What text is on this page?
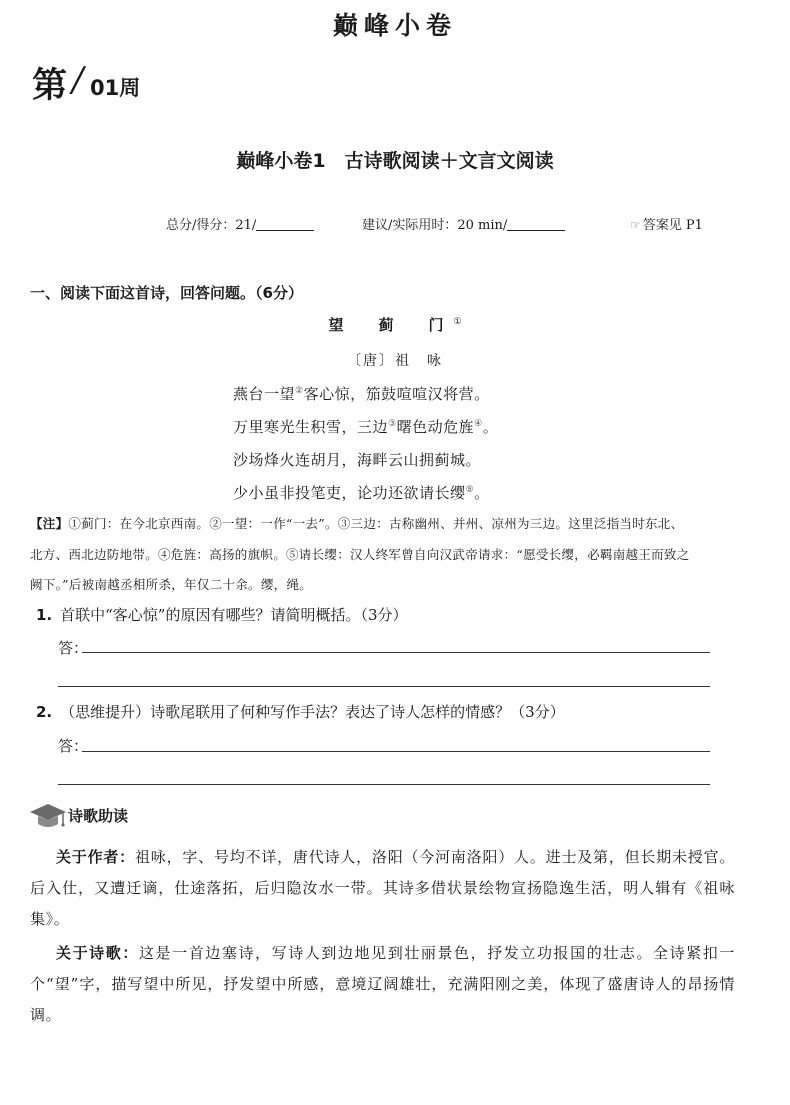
巅峰小卷
第 / 01周
巅峰小卷1　古诗歌阅读＋文言文阅读
总分/得分：21/	建议/实际用时：20 min/	☞ 答案见 P1
一、阅读下面这首诗，回答问题。（6分）
望　蓟　门①
〔唐〕祖　咏
燕台一望②客心惊，笳鼓喧喧汉将营。
万里寒光生积雪，三边③曙色动危旌④。
沙场烽火连胡月，海畔云山拥蓟城。
少小虽非投笔吏，论功还欲请长缨⑤。
【注】①蓟门：在今北京西南。②一望：一作“一去”。③三边：古称幽州、并州、凉州为三边。这里泛指当时东北、
北方、西北边防地带。④危旌：高扬的旗帜。⑤请长缨：汉人终军曾自向汉武帝请求：“愿受长缨，必羁南越王而致之
阙下。”后被南越丞相所杀，年仅二十余。缨，绳。
1. 首联中“客心惊”的原因有哪些？请简明概括。（3分）
答：
2. （思维提升）诗歌尾联用了何种写作手法？表达了诗人怎样的情感？（3分）
答：
诗歌助读
关于作者：祖咏，字、号均不详，唐代诗人，洛阳（今河南洛阳）人。进士及第，但长期未授官。后入仕，又遭迁谪，仕途落拓，后归隐汝水一带。其诗多借状景绘物宣扬隐逸生活，明人辑有《祖咏集》。
关于诗歌：这是一首边塞诗，写诗人到边地见到壮丽景色，抒发立功报国的壮志。全诗紧扣一个“望”字，描写望中所见，抒发望中所感，意境辽阔雄壮，充满阳刚之美，体现了盛唐诗人的昂扬情调。
